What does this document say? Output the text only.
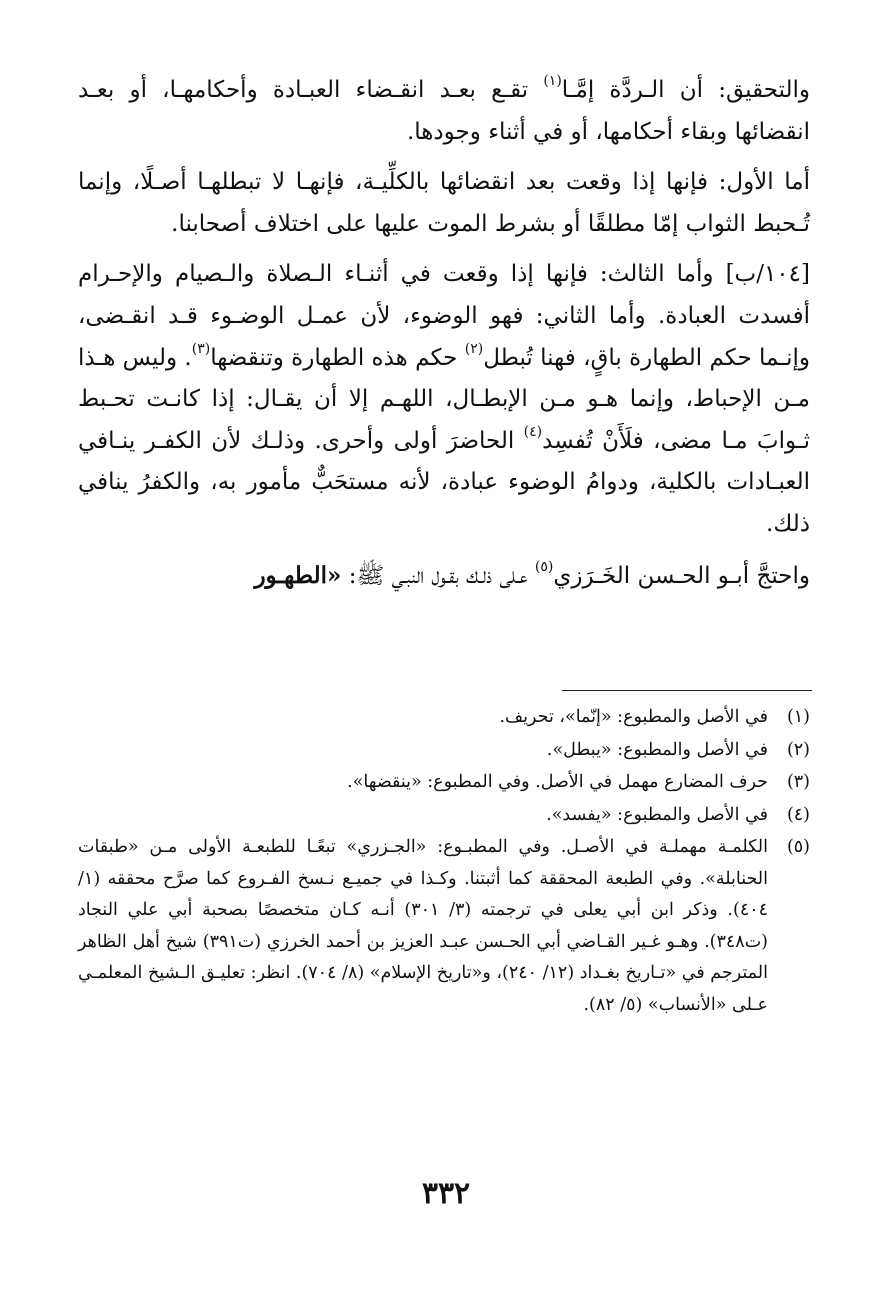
والتحقيق: أن الـردَّة إمَّـا$^{(١)}$ تقـع بعـد انقـضاء العبـادة وأحكامهـا، أو بعـد انقضائها وبقاء أحكامها، أو في أثناء وجودها.

أما الأول: فإنها إذا وقعت بعد انقضائها بالكلِّيـة، فإنهـا لا تبطلهـا أصـلًا، وإنما تُـحبط الثواب إمّا مطلقًا أو بشرط الموت عليها على اختلاف أصحابنا.

[١٠٤/ب] وأما الثالث: فإنها إذا وقعت في أثنـاء الـصلاة والـصيام والإحـرام أفسدت العبادة. وأما الثاني: فهو الوضوء، لأن عمـل الوضـوء قـد انقـضى، وإنـما حكم الطهارة باقٍ، فهنا تُبطل$^{(٢)}$ حكم هذه الطهارة وتنقضها$^{(٣)}$. وليس هـذا مـن الإحباط، وإنما هـو مـن الإبطـال، اللهـم إلا أن يقـال: إذا كانـت تحـبط ثـوابَ مـا مضى، فلَأَنْ تُفسِد$^{(٤)}$ الحاضرَ أولى وأحرى. وذلـك لأن الكفـر ينـافي العبـادات بالكلية، ودوامُ الوضوء عبادة، لأنه مستحَبٌّ مأمور به، والكفرُ ينافي ذلك.

واحتجَّ أبـو الحـسن الخَـرَزي$^{(٥)}$ عـلى ذلـك بقـول النبـي ﷺ: «الطهـور

(١)
في الأصل والمطبوع: «إنّما»، تحريف.
(٢)
في الأصل والمطبوع: «يبطل».
(٣)
حرف المضارع مهمل في الأصل. وفي المطبوع: «ينقضها».
(٤)
في الأصل والمطبوع: «يفسد».
(٥)
الكلمـة مهملـة في الأصـل. وفي المطبـوع: «الجـزري» تبعًـا للطبعـة الأولى مـن «طبقات الحنابلة». وفي الطبعة المحققة كما أثبتنا. وكـذا في جميـع نـسخ الفـروع كما صرَّح محققه (١/ ٤٠٤). وذكر ابن أبي يعلى في ترجمته (٣/ ٣٠١) أنـه كـان متخصصًا بصحبة أبي علي النجاد (ت٣٤٨). وهـو غـير القـاضي أبي الحـسن عبـد العزيز بن أحمد الخرزي (ت٣٩١) شيخ أهل الظاهر المترجم في «تـاريخ بغـداد (١٢/ ٢٤٠)، و«تاريخ الإسلام» (٨/ ٧٠٤). انظر: تعليـق الـشيخ المعلمـي عـلى «الأنساب» (٥/ ٨٢).
٣٣٢
